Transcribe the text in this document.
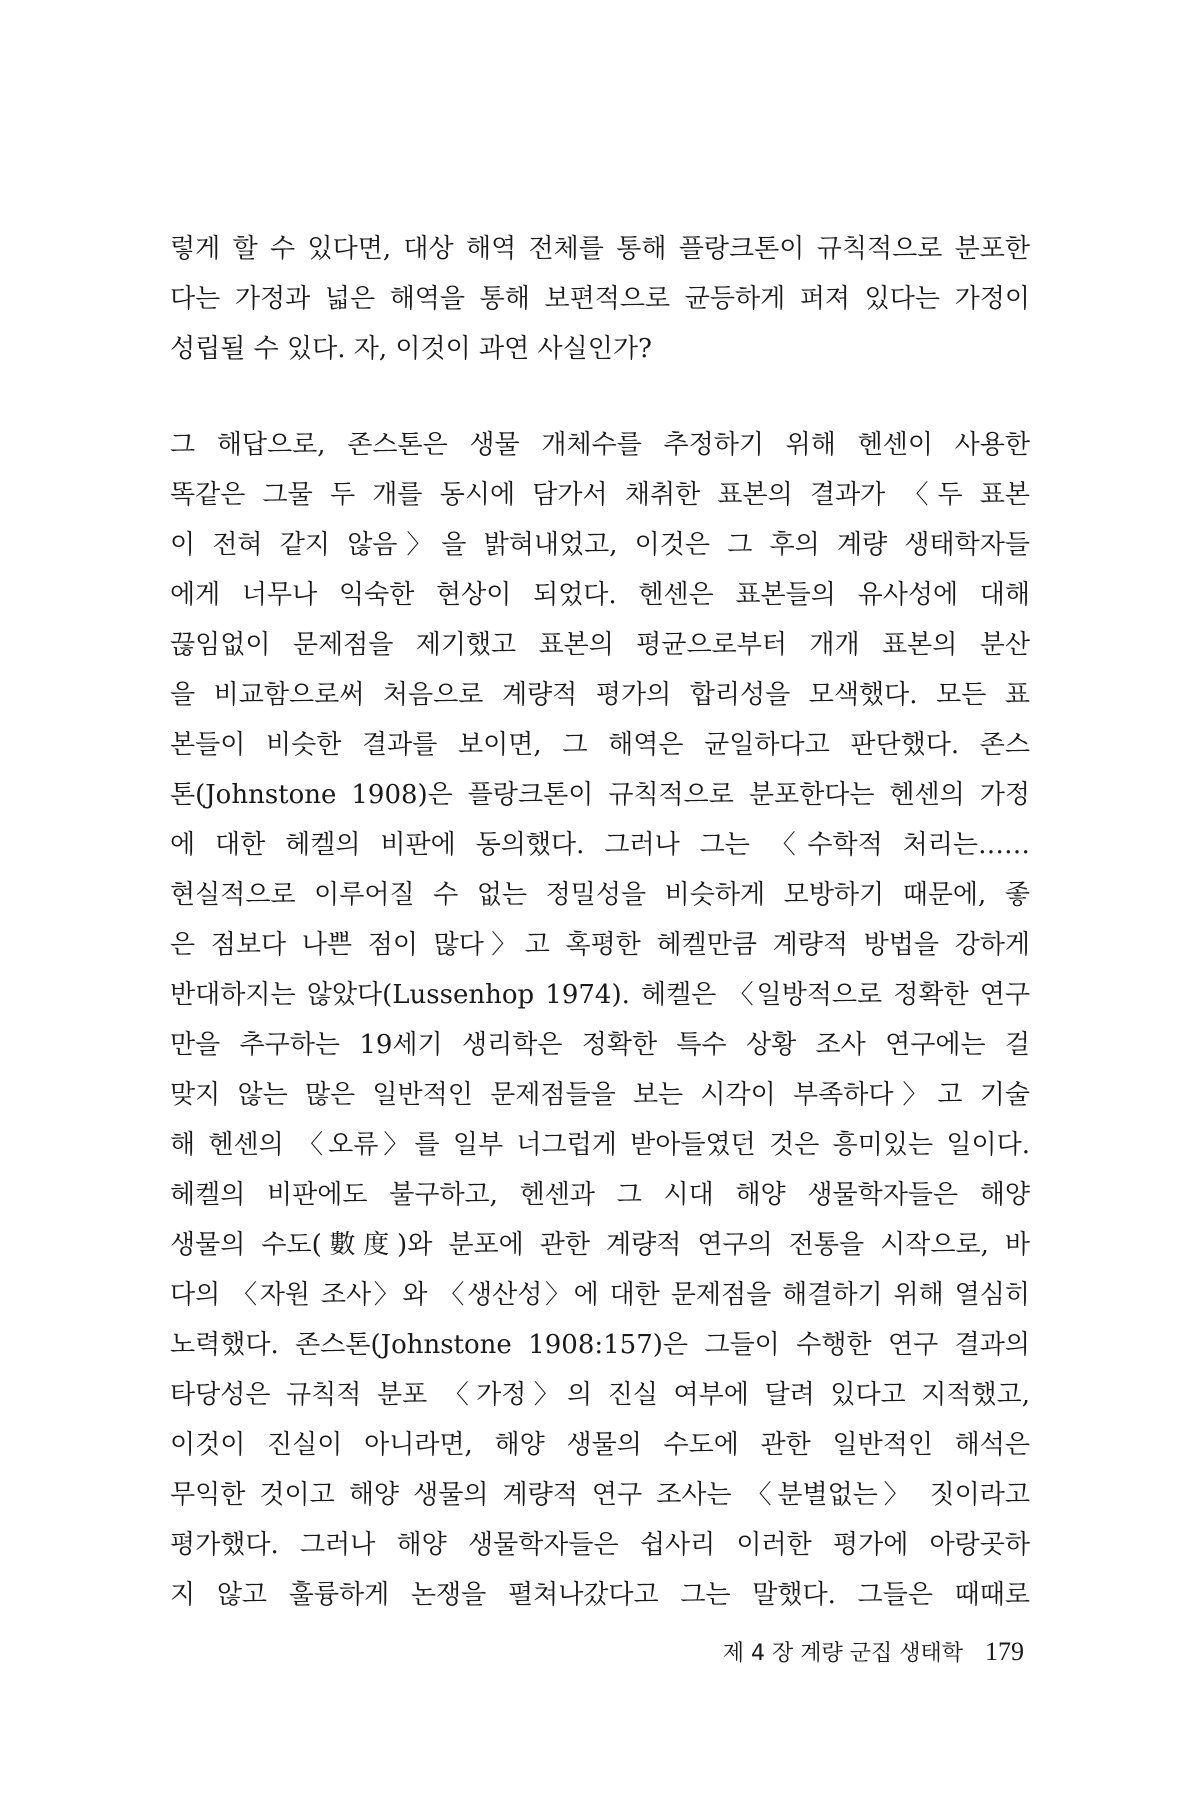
렇게 할 수 있다면, 대상 해역 전체를 통해 플랑크톤이 규칙적으로 분포한
다는 가정과 넓은 해역을 통해 보편적으로 균등하게 퍼져 있다는 가정이
성립될 수 있다. 자, 이것이 과연 사실인가?
그 해답으로, 존스톤은 생물 개체수를 추정하기 위해 헨센이 사용한
똑같은 그물 두 개를 동시에 담가서 채취한 표본의 결과가 〈두 표본
이 전혀 같지 않음〉을 밝혀내었고, 이것은 그 후의 계량 생태학자들
에게 너무나 익숙한 현상이 되었다. 헨센은 표본들의 유사성에 대해
끊임없이 문제점을 제기했고 표본의 평균으로부터 개개 표본의 분산
을 비교함으로써 처음으로 계량적 평가의 합리성을 모색했다. 모든 표
본들이 비슷한 결과를 보이면, 그 해역은 균일하다고 판단했다. 존스
톤(Johnstone 1908)은 플랑크톤이 규칙적으로 분포한다는 헨센의 가정
에 대한 헤켈의 비판에 동의했다. 그러나 그는 〈수학적 처리는……
현실적으로 이루어질 수 없는 정밀성을 비슷하게 모방하기 때문에, 좋
은 점보다 나쁜 점이 많다〉고 혹평한 헤켈만큼 계량적 방법을 강하게
반대하지는 않았다(Lussenhop 1974). 헤켈은 〈일방적으로 정확한 연구
만을 추구하는 19세기 생리학은 정확한 특수 상황 조사 연구에는 걸
맞지 않는 많은 일반적인 문제점들을 보는 시각이 부족하다〉고 기술
해 헨센의 〈오류〉를 일부 너그럽게 받아들였던 것은 흥미있는 일이다.
헤켈의 비판에도 불구하고, 헨센과 그 시대 해양 생물학자들은 해양
생물의 수도(數度)와 분포에 관한 계량적 연구의 전통을 시작으로, 바
다의 〈자원 조사〉와 〈생산성〉에 대한 문제점을 해결하기 위해 열심히
노력했다. 존스톤(Johnstone 1908:157)은 그들이 수행한 연구 결과의
타당성은 규칙적 분포 〈가정〉의 진실 여부에 달려 있다고 지적했고,
이것이 진실이 아니라면, 해양 생물의 수도에 관한 일반적인 해석은
무익한 것이고 해양 생물의 계량적 연구 조사는 〈분별없는〉 짓이라고
평가했다. 그러나 해양 생물학자들은 쉽사리 이러한 평가에 아랑곳하
지 않고 훌륭하게 논쟁을 펼쳐나갔다고 그는 말했다. 그들은 때때로
제 4 장 계량 군집 생태학 179
